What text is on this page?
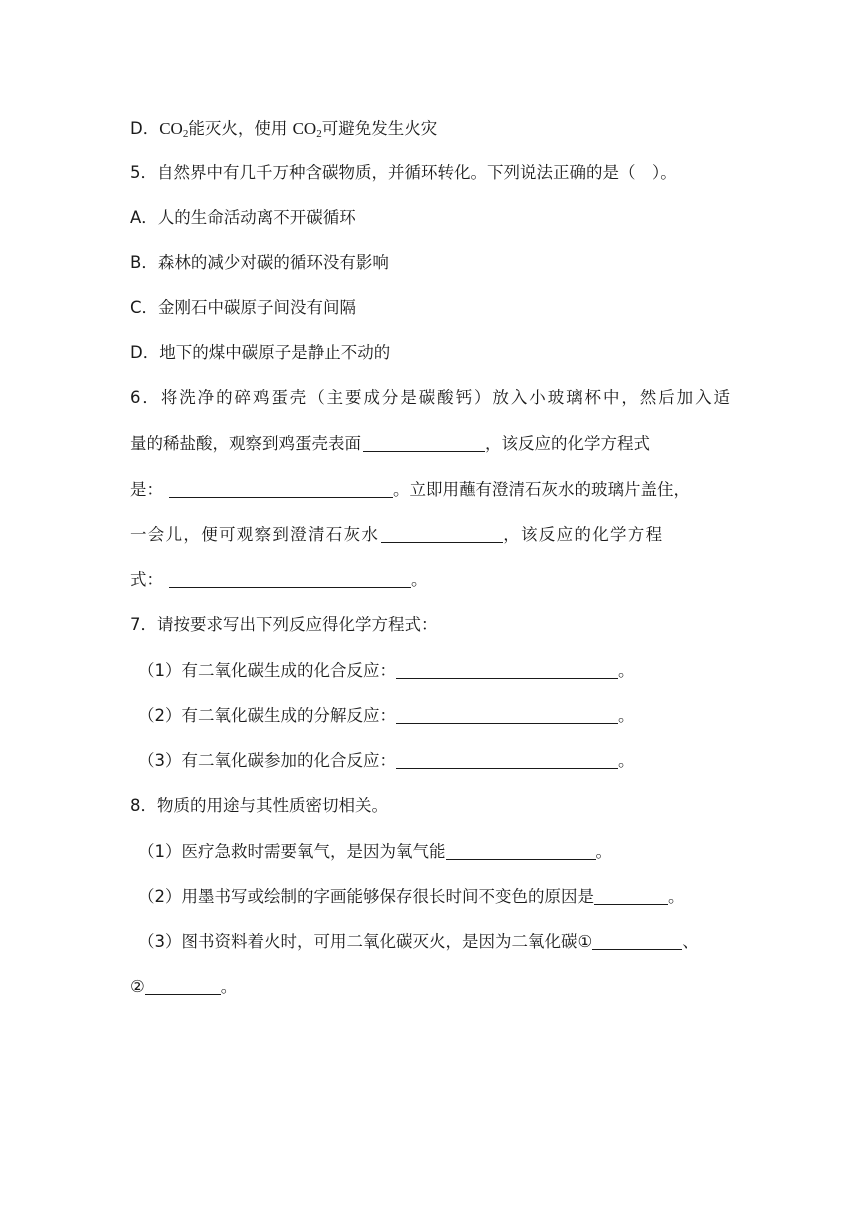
D．$CO_2$能灭火，使用 $CO_2$可避免发生火灾
5．自然界中有几千万种含碳物质，并循环转化。下列说法正确的是（　）。
A．人的生命活动离不开碳循环
B．森林的减少对碳的循环没有影响
C．金刚石中碳原子间没有间隔
D．地下的煤中碳原子是静止不动的
6．将洗净的碎鸡蛋壳（主要成分是碳酸钙）放入小玻璃杯中，然后加入适
量的稀盐酸，观察到鸡蛋壳表面	，该反应的化学方程式
是：	。立即用蘸有澄清石灰水的玻璃片盖住，
一会儿，便可观察到澄清石灰水	，该反应的化学方程
式：	。
7．请按要求写出下列反应得化学方程式：
（1）有二氧化碳生成的化合反应：	。
（2）有二氧化碳生成的分解反应：	。
（3）有二氧化碳参加的化合反应：	。
8．物质的用途与其性质密切相关。
（1）医疗急救时需要氧气，是因为氧气能	。
（2）用墨书写或绘制的字画能够保存很长时间不变色的原因是	。
（3）图书资料着火时，可用二氧化碳灭火，是因为二氧化碳①	、
②	。
